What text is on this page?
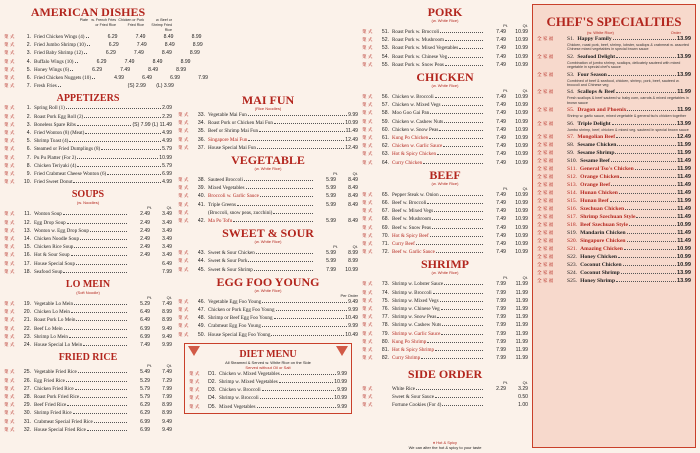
AMERICAN DISHES
Plate w. French Fries or Fried Rice
Chicken or Pork Fried Rice
w. Beef or Shrimp Fried Rice
菜 式	1. Fried Chicken Wings (4)	6.29	7.49	8.49	8.99
菜 式	2. Fried Jumbo Shrimp (10)	6.29	7.49	8.49	8.99
菜 式	3. Fried Baby Shrimp (12)	6.29	7.49	8.49	8.99
菜 式	4. Buffalo Wings (10)	6.29	7.49	8.49	8.99
菜 式	5. Honey Wings (6)	6.29	7.49	8.49	8.99
菜 式	6. Fried Chicken Nuggets (10)	4.99	6.49	6.99	7.99
菜 式	7. Fresh Fries	(S) 2.99	(L) 3.99
APPETIZERS
菜 式	1. Spring Roll (1)	2.09
菜 式	2. Roast Pork Egg Roll (2)	2.29
菜 式	3. Boneless Spare Ribs	(S) 7.99 (L) 11.49
菜 式	4. Fried Wonton (8) (Meat)	4.99
菜 式	5. Shrimp Toast (4)	4.99
菜 式	6. Steamed or Fried Dumplings (8)	5.79
菜 式	7. Pu Pu Platter (For 2)	10.99
菜 式	8. Chicken Teriyaki (4)	5.79
菜 式	9. Fried Crabmeat Cheese Wonton (6)	6.99
菜 式	10. Fried Sweet Donut	4.99
SOUPS
(w. Noodles)
Pt.	Qt.
菜 式	11. Wonton Soup	2.49	3.49
菜 式	12. Egg Drop Soup	2.49	3.49
菜 式	13. Wonton w. Egg Drop Soup	2.49	3.49
菜 式	14. Chicken Noodle Soup	2.49	3.49
菜 式	15. Chicken Rice Soup	2.49	3.49
菜 式	16. Hot & Sour Soup	2.49	3.49
菜 式	17. House Special Soup	6.49
菜 式	18. Seafood Soup	7.99
LO MEIN
(Soft Noodle)
Pt.	Qt.
菜 式	19. Vegetable Lo Mein	5.29	7.49
菜 式	20. Chicken Lo Mein	6.49	8.99
菜 式	21. Roast Pork Lo Mein	6.49	8.99
菜 式	22. Beef Lo Mein	6.99	9.49
菜 式	23. Shrimp Lo Mein	6.99	9.49
菜 式	24. House Special Lo Mein	7.49	9.99
FRIED RICE
Pt.	Qt.
菜 式	25. Vegetable Fried Rice	5.49	7.49
菜 式	26. Egg Fried Rice	5.29	7.29
菜 式	27. Chicken Fried Rice	5.79	7.99
菜 式	28. Roast Pork Fried Rice	5.79	7.99
菜 式	29. Beef Fried Rice	6.29	8.99
菜 式	30. Shrimp Fried Rice	6.29	8.99
菜 式	31. Crabmeat Special Fried Rice	6.99	9.49
菜 式	32. House Special Fried Rice	6.99	9.49
MAI FUN
(Rice Noodles)
菜 式	33. Vegetable Mai Fun	9.99
菜 式	34. Roast Pork or Chicken Mai Fun	10.99
菜 式	35. Beef or Shrimp Mai Fun	11.49
菜 式	36. Singapore Mai Fun	12.49
菜 式	37. House Special Mai Fun	12.49
VEGETABLE
(w. White Rice)
Pt.	Qt.
菜 式	38. Sauteed Broccoli	5.99	8.49
菜 式	39. Mixed Vegetables	5.99	8.49
菜 式	40. Broccoli w. Garlic Sauce	5.99	8.49
菜 式	41. Triple Greens	5.99	8.49
菜 式	(Broccoli, snow peas, zucchini)
菜 式	42. Ma Po Tofu	5.99	8.49
SWEET & SOUR
(w. White Rice)
Pt.	Qt.
菜 式	43. Sweet & Sour Chicken	5.99	8.99
菜 式	44. Sweet & Sour Pork	5.99	8.99
菜 式	45. Sweet & Sour Shrimp	7.99	10.99
EGG FOO YOUNG
(w. White Rice)
Per Order
菜 式	46. Vegetable Egg Foo Young	9.49
菜 式	47. Chicken or Pork Egg Foo Young	9.99
菜 式	48. Shrimp or Beef Egg Foo Young	10.49
菜 式	49. Crabmeat Egg Foo Young	9.99
菜 式	50. House Special Egg Foo Young	10.49
DIET MENU
All Steamed & Served w. White Rice on the Side
Served without Oil or Salt
菜 式	D1. Chicken w. Mixed Vegetables	9.99
菜 式	D2. Shrimp w. Mixed Vegetables	10.99
菜 式	D3. Chicken w. Broccoli	9.99
菜 式	D4. Shrimp w. Broccoli	10.99
菜 式	D5. Mixed Vegetables	9.99
PORK
(w. White Rice)
Pt.	Qt.
菜 式	51. Roast Pork w. Broccoli	7.49	10.99
菜 式	52. Roast Pork w. Mushroom	7.49	10.99
菜 式	53. Roast Pork w. Mixed Vegetables	7.49	10.99
菜 式	54. Roast Pork w. Chinese Veg	7.49	10.99
菜 式	55. Roast Pork w. Snow Peas	7.49	10.99
CHICKEN
(w. White Rice)
Pt.	Qt.
菜 式	56. Chicken w. Broccoli	7.49	10.99
菜 式	57. Chicken w. Mixed Vegs	7.49	10.99
菜 式	58. Moo Goo Gai Pan	7.49	10.99
菜 式	59. Chicken w. Cashew Nuts	7.49	10.99
菜 式	60. Chicken w. Snow Peas	7.49	10.99
菜 式	61. Kung Po Chicken	7.49	10.99
菜 式	62. Chicken w. Garlic Sauce	7.49	10.99
菜 式	63. Hot & Spicy Chicken	7.49	10.99
菜 式	64. Curry Chicken	7.49	10.99
BEEF
(w. White Rice)
Pt.	Qt.
菜 式	65. Pepper Steak w. Onion	7.49	10.99
菜 式	66. Beef w. Broccoli	7.49	10.99
菜 式	67. Beef w. Mixed Vegs	7.49	10.99
菜 式	68. Beef w. Mushroom	7.49	10.99
菜 式	69. Beef w. Snow Peas	7.49	10.99
菜 式	70. Hot & Spicy Beef	7.49	10.99
菜 式	71. Curry Beef	7.49	10.99
菜 式	72. Beef w. Garlic Sauce	7.49	10.99
SHRIMP
(w. White Rice)
Pt.	Qt.
菜 式	73. Shrimp w. Lobster Sauce	7.99	11.99
菜 式	74. Shrimp w. Broccoli	7.99	11.99
菜 式	75. Shrimp w. Mixed Vegs	7.99	11.99
菜 式	76. Shrimp w. Chinese Veg	7.99	11.99
菜 式	77. Shrimp w. Snow Peas	7.99	11.99
菜 式	78. Shrimp w. Cashew Nuts	7.99	11.99
菜 式	79. Shrimp w. Garlic Sauce	7.99	11.99
菜 式	80. Kung Po Shrimp	7.99	11.99
菜 式	81. Hot & Spicy Shrimp	7.99	11.99
菜 式	82. Curry Shrimp	7.99	11.99
SIDE ORDER
Pt.	Qt.
菜 式	White Rice	2.29	3.29
菜 式	Sweet & Sour Sauce	0.50
菜 式	Fortune Cookies (For 4)	1.00
♦ Hot & Spicy
We can alter the hot & spicy to your taste
CHEF'S SPECIALTIES
(w. White Rice)	Order
全 家 福	S1. Happy Family	13.99
Chicken, roast pork, beef, shrimp, lobster, scallops & crabmeat w. assorted Chinese mixed vegetables in special brown sauce
全 家 福	S2. Seafood Delight	13.99
Combination of jumbo shrimp, scallops, delicately sauteed with mixed vegetable in special chef's sauce
全 家 福	S3. Four Season	13.99
Combined of beef & seafood, chicken, shrimp, pork, beef, sauteed w. broccoli and Chinese veg
全 家 福	S4. Scallops & Beef	11.99
Fresh scallops & beef sauteed w. baby corn, carrots & mixed vegetables in brown sauce
全 家 福	S5. Dragon and Phoenix	11.99
Shrimp w. garlic sauce, mixed vegetable & general tso's chicken together
全 家 福	S6. Triple Delight	13.99
Jumbo shrimp, beef, chicken & mixed veg. sauteed in special brown sauce
全 家 福	S7. Mongolian Beef	12.49
全 家 福	S8. Sesame Chicken	11.99
全 家 福	S9. Sesame Shrimp	11.99
全 家 福	S10. Sesame Beef	11.49
全 家 福	S11. General Tso's Chicken	11.99
全 家 福	S12. Orange Chicken	11.49
全 家 福	S13. Orange Beef	11.49
全 家 福	S14. Hunan Chicken	11.49
全 家 福	S15. Hunan Beef	11.99
全 家 福	S16. Szechuan Chicken	11.49
全 家 福	S17. Shrimp Szechuan Style	11.49
全 家 福	S18. Beef Szechuan Style	10.99
全 家 福	S19. Mandarin Chicken	11.49
全 家 福	S20. Singapore Chicken	11.49
全 家 福	S21. Amazing Chicken	10.99
全 家 福	S22. Honey Chicken	10.99
全 家 福	S23. Coconut Chicken	10.99
全 家 福	S24. Coconut Shrimp	13.99
全 家 福	S25. Honey Shrimp	13.99
